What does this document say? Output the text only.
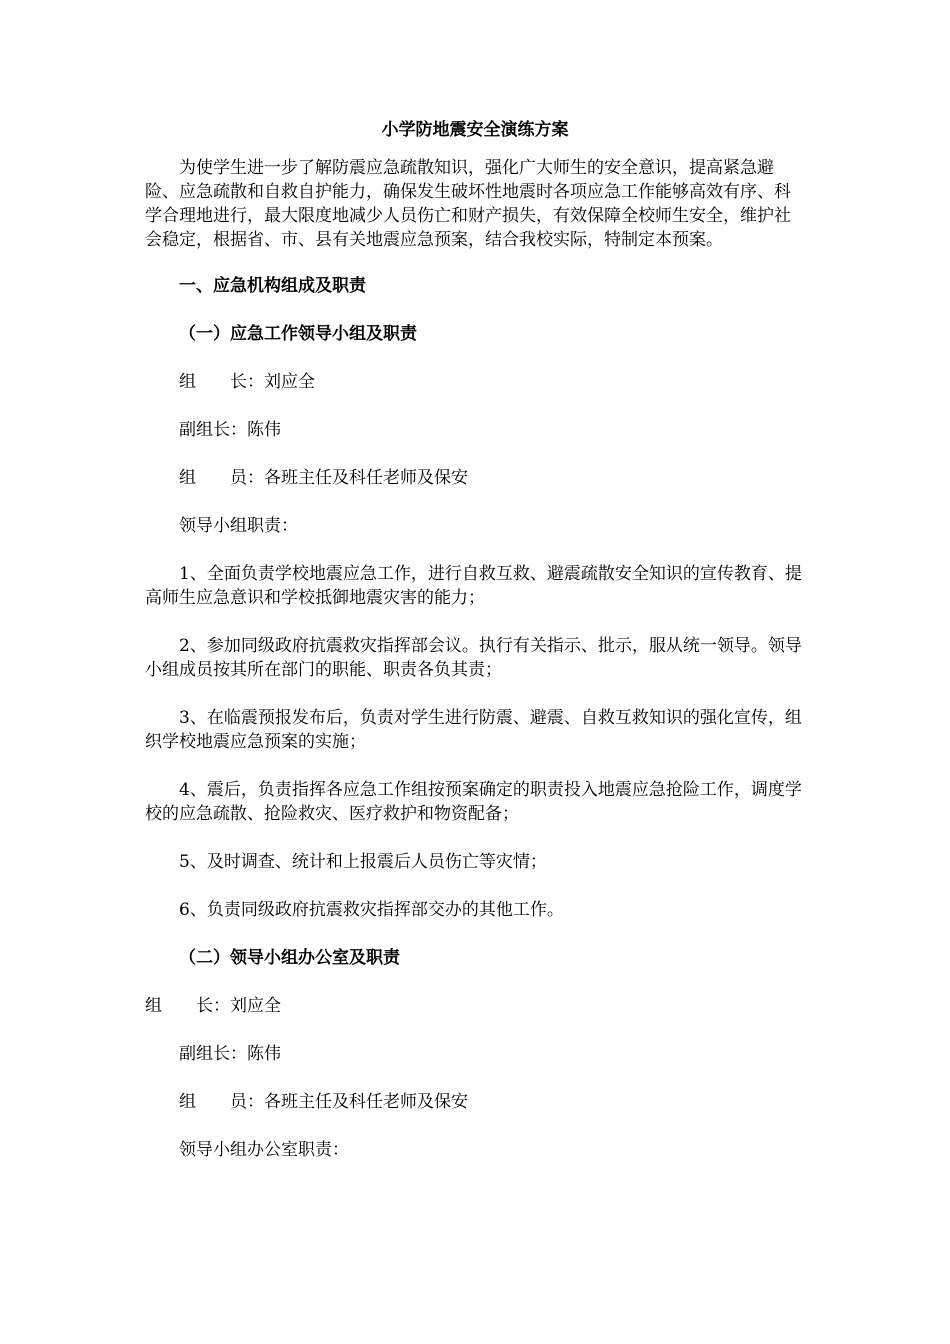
小学防地震安全演练方案

为使学生进一步了解防震应急疏散知识，强化广大师生的安全意识，提高紧急避险、应急疏散和自救自护能力，确保发生破坏性地震时各项应急工作能够高效有序、科学合理地进行，最大限度地减少人员伤亡和财产损失，有效保障全校师生安全，维护社会稳定，根据省、市、县有关地震应急预案，结合我校实际，特制定本预案。

一、应急机构组成及职责

（一）应急工作领导小组及职责

组 长：刘应全

副组长：陈伟

组 员：各班主任及科任老师及保安

领导小组职责：

1、全面负责学校地震应急工作，进行自救互救、避震疏散安全知识的宣传教育、提高师生应急意识和学校抵御地震灾害的能力；

2、参加同级政府抗震救灾指挥部会议。执行有关指示、批示，服从统一领导。领导小组成员按其所在部门的职能、职责各负其责；

3、在临震预报发布后，负责对学生进行防震、避震、自救互救知识的强化宣传，组织学校地震应急预案的实施；

4、震后，负责指挥各应急工作组按预案确定的职责投入地震应急抢险工作，调度学校的应急疏散、抢险救灾、医疗救护和物资配备；

5、及时调查、统计和上报震后人员伤亡等灾情；

6、负责同级政府抗震救灾指挥部交办的其他工作。

（二）领导小组办公室及职责

组 长：刘应全

副组长：陈伟

组 员：各班主任及科任老师及保安

领导小组办公室职责：
